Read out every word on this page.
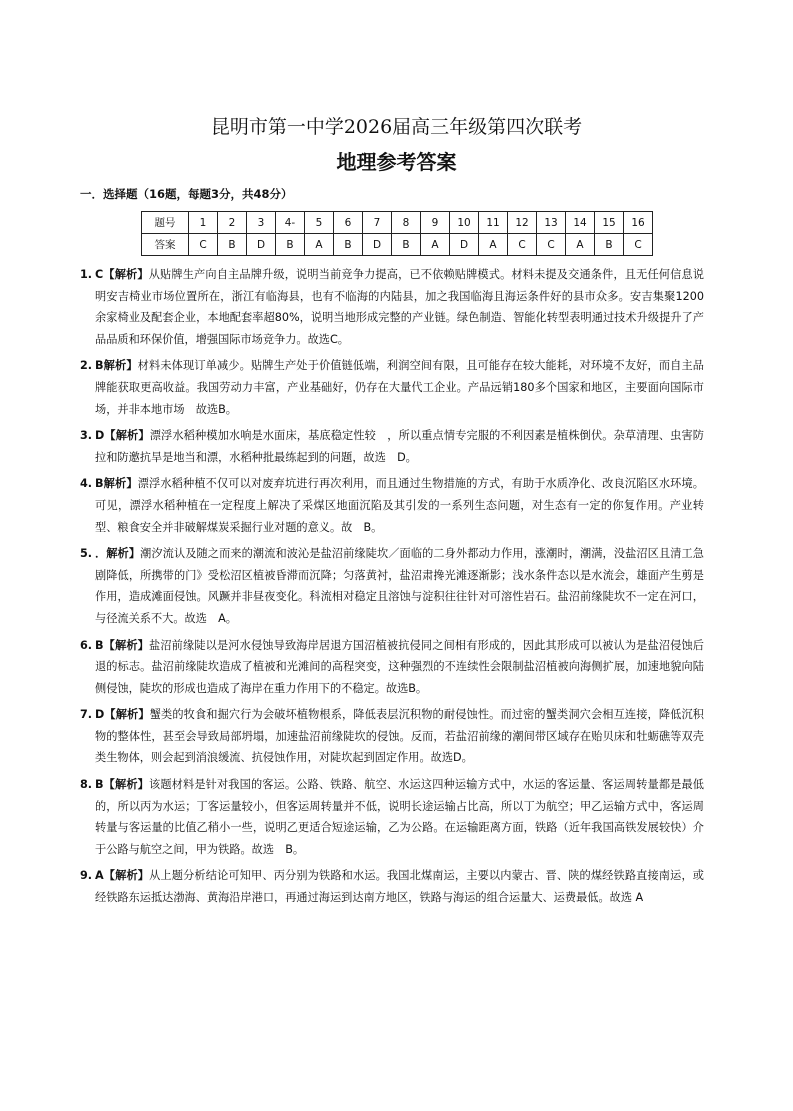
昆明市第一中学2026届高三年级第四次联考
地理参考答案
一．选择题（16题，每题3分，共48分）
题号	1	2	3	4-	5	6	7	8	9	10	11	12	13	14	15	16
答案	C	B	D	B	A	B	D	B	A	D	A	C	C	A	B	C
1. C【解析】从贴牌生产向自主品牌升级，说明当前竞争力提高，已不依赖贴牌模式。材料未提及交通条件，且无任何信息说明安吉椅业市场位置所在，浙江有临海县，也有不临海的内陆县，加之我国临海且海运条件好的县市众多。安吉集聚1200余家椅业及配套企业，本地配套率超80%，说明当地形成完整的产业链。绿色制造、智能化转型表明通过技术升级提升了产品品质和环保价值，增强国际市场竞争力。故选C。
2. B解析】材料未体现订单减少。贴牌生产处于价值链低端，利润空间有限，且可能存在较大能耗，对环境不友好，而自主品牌能获取更高收益。我国劳动力丰富，产业基础好，仍存在大量代工企业。产品远销180多个国家和地区，主要面向国际市场，并非本地市场　故选B。
3. D【解析】漂浮水稻种模加水响是水面床，基底稳定性较　，所以重点情专完服的不利因素是植株倒伏。杂草清理、虫害防拉和防邀抗旱是地当和漂，水稻种批最练起到的问题，故选　D。
4. B解析】漂浮水稻种植不仅可以对废弃坑进行再次利用，而且通过生物措施的方式，有助于水质净化、改良沉陷区水环境。可见，漂浮水稻种植在一定程度上解决了采煤区地面沉陷及其引发的一系列生态问题，对生态有一定的你复作用。产业转型、粮食安全并非破解煤炭采掘行业对题的意义。故　B。
5. ．解析】潮汐流认及随之而来的潮流和波沁是盐沼前缘陡坎／面临的二身外都动力作用，涨潮时，潮满，没盐沼区且清工急剧降低，所携带的门》受松沼区植被昏滞而沉降；匀落黄衬，盐沼肃搀光滩逐渐影；浅水条件态以是水流会，雄面产生剪是作用，造成滩面侵蚀。风蹶并非昼夜变化。科流相对稳定且溶蚀与淀积往往针对可溶性岩石。盐沼前缘陡坎不一定在河口，与径流关系不大。故选　A。
6. B【解析】盐沼前缘陡以是河水侵蚀导致海岸居退方国沼植被抗侵同之间相有形成的，因此其形成可以被认为是盐沼侵蚀后退的标志。盐沼前缘陡坎造成了植被和光滩间的高程突变，这种强烈的不连续性会限制盐沼植被向海侧扩展，加速地貌向陆侧侵蚀，陡坎的形成也造成了海岸在重力作用下的不稳定。故选B。
7. D【解析】蟹类的牧食和掘穴行为会破坏植物根系，降低表层沉积物的耐侵蚀性。而过密的蟹类洞穴会相互连接，降低沉积物的整体性，甚至会导致局部坍塌，加速盐沼前缘陡坎的侵蚀。反而，若盐沼前缘的潮间带区域存在贻贝床和牡蛎礁等双壳类生物体，则会起到消浪缓流、抗侵蚀作用，对陡坎起到固定作用。故选D。
8. B【解析】该题材料是针对我国的客运。公路、铁路、航空、水运这四种运输方式中，水运的客运量、客运周转量都是最低的，所以丙为水运；丁客运量较小，但客运周转量并不低，说明长途运输占比高，所以丁为航空；甲乙运输方式中，客运周转量与客运量的比值乙稍小一些，说明乙更适合短途运输，乙为公路。在运输距离方面，铁路（近年我国高铁发展较快）介于公路与航空之间，甲为铁路。故选　B。
9. A【解析】从上题分析结论可知甲、丙分别为铁路和水运。我国北煤南运，主要以内蒙古、晋、陕的煤经铁路直接南运，或经铁路东运抵达渤海、黄海沿岸港口，再通过海运到达南方地区，铁路与海运的组合运量大、运费最低。故选 A
